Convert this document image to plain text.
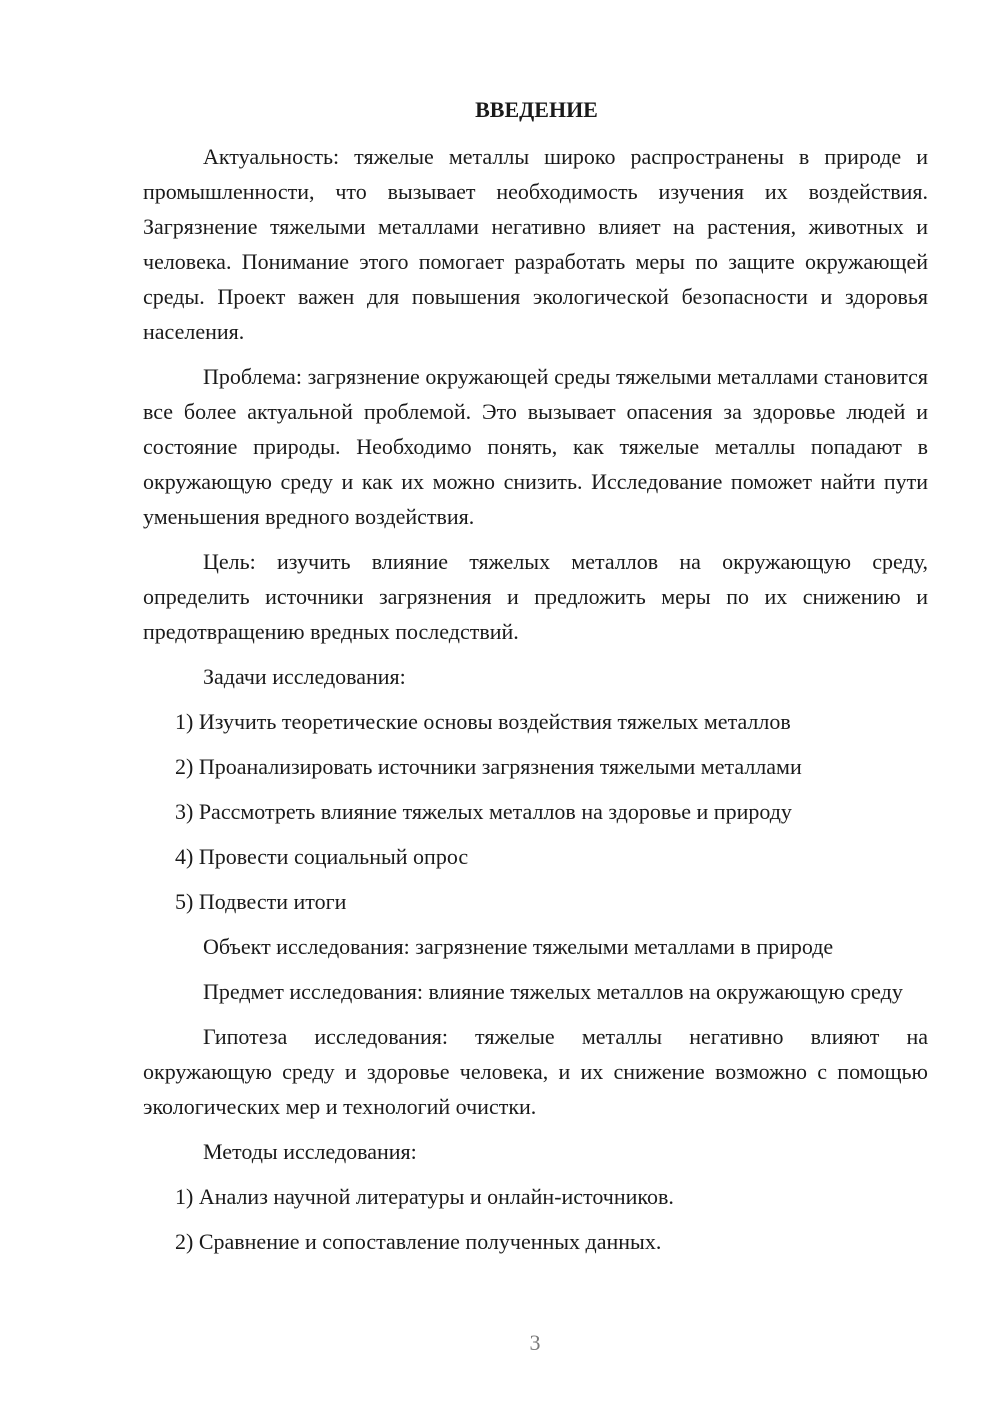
ВВЕДЕНИЕ
Актуальность: тяжелые металлы широко распространены в природе и промышленности, что вызывает необходимость изучения их воздействия. Загрязнение тяжелыми металлами негативно влияет на растения, животных и человека. Понимание этого помогает разработать меры по защите окружающей среды. Проект важен для повышения экологической безопасности и здоровья населения.
Проблема: загрязнение окружающей среды тяжелыми металлами становится все более актуальной проблемой. Это вызывает опасения за здоровье людей и состояние природы. Необходимо понять, как тяжелые металлы попадают в окружающую среду и как их можно снизить. Исследование поможет найти пути уменьшения вредного воздействия.
Цель: изучить влияние тяжелых металлов на окружающую среду, определить источники загрязнения и предложить меры по их снижению и предотвращению вредных последствий.
Задачи исследования:
1) Изучить теоретические основы воздействия тяжелых металлов
2) Проанализировать источники загрязнения тяжелыми металлами
3) Рассмотреть влияние тяжелых металлов на здоровье и природу
4) Провести социальный опрос
5) Подвести итоги
Объект исследования: загрязнение тяжелыми металлами в природе
Предмет исследования: влияние тяжелых металлов на окружающую среду
Гипотеза исследования: тяжелые металлы негативно влияют на окружающую среду и здоровье человека, и их снижение возможно с помощью экологических мер и технологий очистки.
Методы исследования:
1) Анализ научной литературы и онлайн-источников.
2) Сравнение и сопоставление полученных данных.
3
